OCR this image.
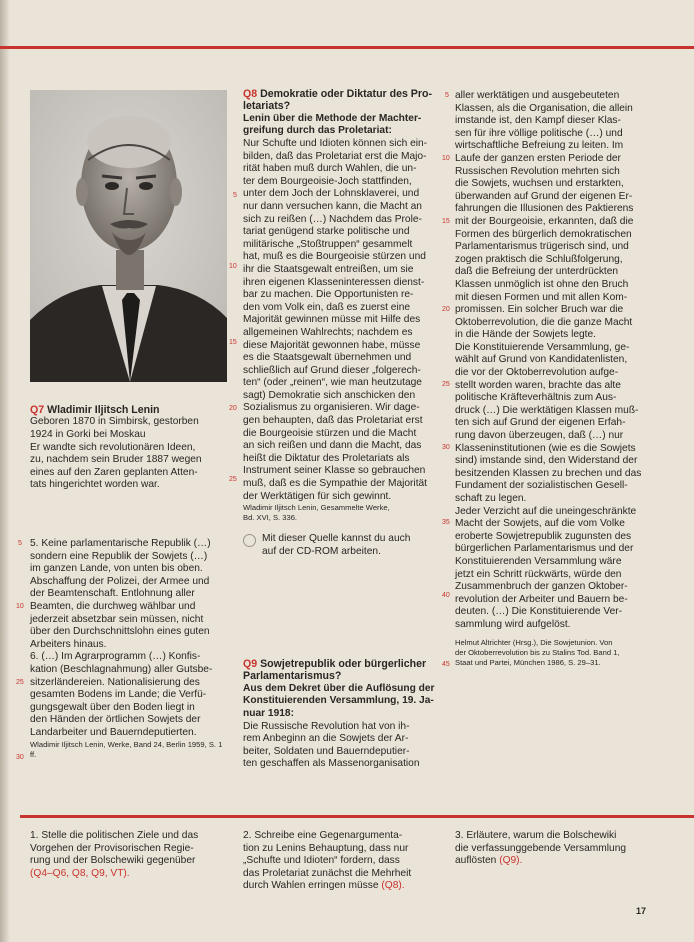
Q7 Wladimir Iljitsch Lenin

Geboren 1870 in Simbirsk, gestorben

1924 in Gorki bei Moskau

Er wandte sich revolutionären Ideen,

zu, nachdem sein Bruder 1887 wegen

eines auf den Zaren geplanten Atten-

tats hingerichtet worden war.

5. Keine parlamentarische Republik (…)

sondern eine Republik der Sowjets (…)

im ganzen Lande, von unten bis oben.

Abschaffung der Polizei, der Armee und

der Beamtenschaft. Entlohnung aller

Beamten, die durchweg wählbar und

jederzeit absetzbar sein müssen, nicht

über den Durchschnittslohn eines guten

Arbeiters hinaus.

6. (…) Im Agrarprogramm (…) Konfis-

kation (Beschlagnahmung) aller Gutsbe-

sitzerländereien. Nationalisierung des

gesamten Bodens im Lande; die Verfü-

gungsgewalt über den Boden liegt in

den Händen der örtlichen Sowjets der

Landarbeiter und Bauerndeputierten.

Wladimir Iljitsch Lenin, Werke, Band 24, Berlin 1959, S. 1 ff.

5
10
25
30

Q8 Demokratie oder Diktatur des Pro-

letariats?

Lenin über die Methode der Machter-

greifung durch das Proletariat:

Nur Schufte und Idioten können sich ein-

bilden, daß das Proletariat erst die Majo-

rität haben muß durch Wahlen, die un-

ter dem Bourgeoisie-Joch stattfinden,

unter dem Joch der Lohnsklaverei, und

nur dann versuchen kann, die Macht an

sich zu reißen (…) Nachdem das Prole-

tariat genügend starke politische und

militärische „Stoßtruppen“ gesammelt

hat, muß es die Bourgeoisie stürzen und

ihr die Staatsgewalt entreißen, um sie

ihren eigenen Klasseninteressen dienst-

bar zu machen. Die Opportunisten re-

den vom Volk ein, daß es zuerst eine

Majorität gewinnen müsse mit Hilfe des

allgemeinen Wahlrechts; nachdem es

diese Majorität gewonnen habe, müsse

es die Staatsgewalt übernehmen und

schließlich auf Grund dieser „folgerech-

ten“ (oder „reinen“, wie man heutzutage

sagt) Demokratie sich anschicken den

Sozialismus zu organisieren. Wir dage-

gen behaupten, daß das Proletariat erst

die Bourgeoisie stürzen und die Macht

an sich reißen und dann die Macht, das

heißt die Diktatur des Proletariats als

Instrument seiner Klasse so gebrauchen

muß, daß es die Sympathie der Majorität

der Werktätigen für sich gewinnt.

Wladimir Iljitsch Lenin, Gesammelte Werke,

Bd. XVI, S. 336.

Mit dieser Quelle kannst du auch

auf der CD-ROM arbeiten.

5
10
15
20
25

Q9 Sowjetrepublik oder bürgerlicher

Parlamentarismus?

Aus dem Dekret über die Auflösung der

Konstituierenden Versammlung, 19. Ja-

nuar 1918:

Die Russische Revolution hat von ih-

rem Anbeginn an die Sowjets der Ar-

beiter, Soldaten und Bauerndeputier-

ten geschaffen als Massenorganisation

aller werktätigen und ausgebeuteten

Klassen, als die Organisation, die allein

imstande ist, den Kampf dieser Klas-

sen für ihre völlige politische (…) und

wirtschaftliche Befreiung zu leiten. Im

Laufe der ganzen ersten Periode der

Russischen Revolution mehrten sich

die Sowjets, wuchsen und erstarkten,

überwanden auf Grund der eigenen Er-

fahrungen die Illusionen des Paktierens

mit der Bourgeoisie, erkannten, daß die

Formen des bürgerlich demokratischen

Parlamentarismus trügerisch sind, und

zogen praktisch die Schlußfolgerung,

daß die Befreiung der unterdrückten

Klassen unmöglich ist ohne den Bruch

mit diesen Formen und mit allen Kom-

promissen. Ein solcher Bruch war die

Oktoberrevolution, die die ganze Macht

in die Hände der Sowjets legte.

Die Konstituierende Versammlung, ge-

wählt auf Grund von Kandidatenlisten,

die vor der Oktoberrevolution aufge-

stellt worden waren, brachte das alte

politische Kräfteverhältnis zum Aus-

druck (…) Die werktätigen Klassen muß-

ten sich auf Grund der eigenen Erfah-

rung davon überzeugen, daß (…) nur

Klasseninstitutionen (wie es die Sowjets

sind) imstande sind, den Widerstand der

besitzenden Klassen zu brechen und das

Fundament der sozialistischen Gesell-

schaft zu legen.

Jeder Verzicht auf die uneingeschränkte

Macht der Sowjets, auf die vom Volke

eroberte Sowjetrepublik zugunsten des

bürgerlichen Parlamentarismus und der

Konstituierenden Versammlung wäre

jetzt ein Schritt rückwärts, würde den

Zusammenbruch der ganzen Oktober-

revolution der Arbeiter und Bauern be-

deuten. (…) Die Konstituierende Ver-

sammlung wird aufgelöst.

Helmut Altrichter (Hrsg.), Die Sowjetunion. Von

der Oktoberrevolution bis zu Stalins Tod. Band 1,

Staat und Partei, München 1986, S. 29–31.

5
10
15
20
25
30
35
40
45

1. Stelle die politischen Ziele und das

Vorgehen der Provisorischen Regie-

rung und der Bolschewiki gegenüber

(Q4–Q6, Q8, Q9, VT).

2. Schreibe eine Gegenargumenta-

tion zu Lenins Behauptung, dass nur

„Schufte und Idioten“ fordern, dass

das Proletariat zunächst die Mehrheit

durch Wahlen erringen müsse (Q8).

3. Erläutere, warum die Bolschewiki

die verfassunggebende Versammlung

auflösten (Q9).

17
